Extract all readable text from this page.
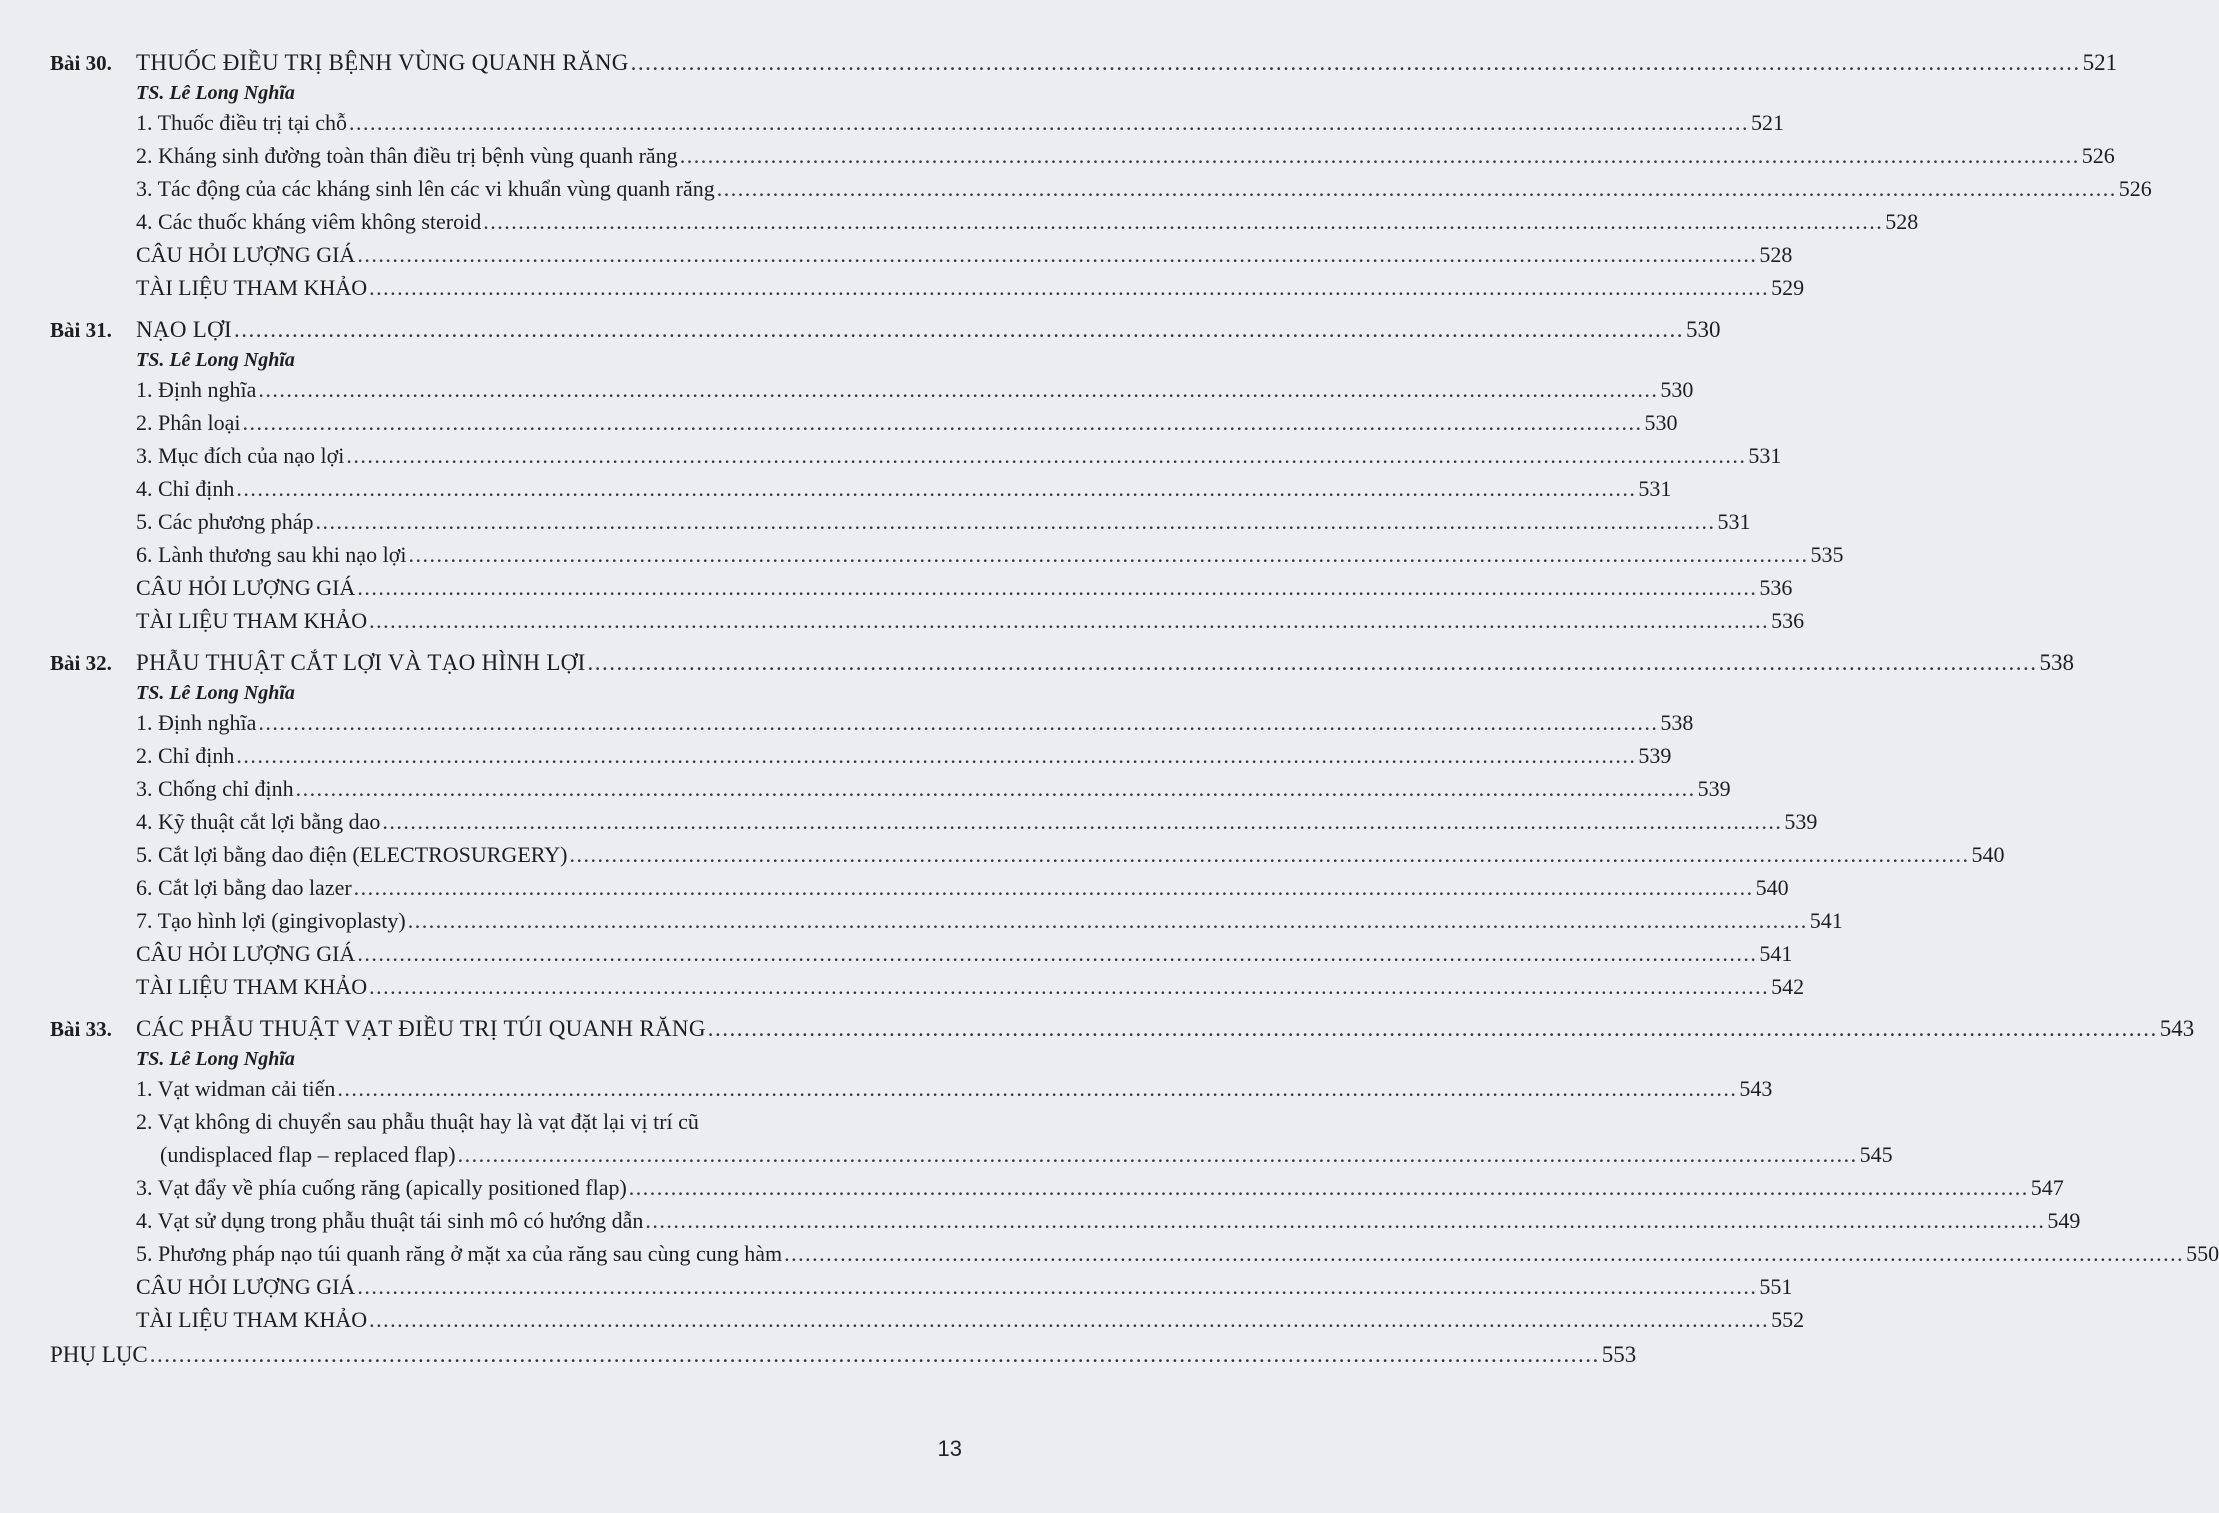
Bài 30.	THUỐC ĐIỀU TRỊ BỆNH VÙNG QUANH RĂNG ........................................................................................................................................................................................................ 521
TS. Lê Long Nghĩa
1. Thuốc điều trị tại chỗ ........................................................................................................................................................................................................ 521
2. Kháng sinh đường toàn thân điều trị bệnh vùng quanh răng ........................................................................................................................................................................................................ 526
3. Tác động của các kháng sinh lên các vi khuẩn vùng quanh răng ........................................................................................................................................................................................................ 526
4. Các thuốc kháng viêm không steroid ........................................................................................................................................................................................................ 528
CÂU HỎI LƯỢNG GIÁ ........................................................................................................................................................................................................ 528
TÀI LIỆU THAM KHẢO ........................................................................................................................................................................................................ 529
Bài 31.	NẠO LỢI ........................................................................................................................................................................................................ 530
TS. Lê Long Nghĩa
1. Định nghĩa ........................................................................................................................................................................................................ 530
2. Phân loại ........................................................................................................................................................................................................ 530
3. Mục đích của nạo lợi ........................................................................................................................................................................................................ 531
4. Chỉ định ........................................................................................................................................................................................................ 531
5. Các phương pháp ........................................................................................................................................................................................................ 531
6. Lành thương sau khi nạo lợi ........................................................................................................................................................................................................ 535
CÂU HỎI LƯỢNG GIÁ ........................................................................................................................................................................................................ 536
TÀI LIỆU THAM KHẢO ........................................................................................................................................................................................................ 536
Bài 32.	PHẪU THUẬT CẮT LỢI VÀ TẠO HÌNH LỢI ........................................................................................................................................................................................................ 538
TS. Lê Long Nghĩa
1. Định nghĩa ........................................................................................................................................................................................................ 538
2. Chỉ định ........................................................................................................................................................................................................ 539
3. Chống chỉ định ........................................................................................................................................................................................................ 539
4. Kỹ thuật cắt lợi bằng dao ........................................................................................................................................................................................................ 539
5. Cắt lợi bằng dao điện (ELECTROSURGERY) ........................................................................................................................................................................................................ 540
6. Cắt lợi bằng dao lazer ........................................................................................................................................................................................................ 540
7. Tạo hình lợi (gingivoplasty) ........................................................................................................................................................................................................ 541
CÂU HỎI LƯỢNG GIÁ ........................................................................................................................................................................................................ 541
TÀI LIỆU THAM KHẢO ........................................................................................................................................................................................................ 542
Bài 33.	CÁC PHẪU THUẬT VẠT ĐIỀU TRỊ TÚI QUANH RĂNG ........................................................................................................................................................................................................ 543
TS. Lê Long Nghĩa
1. Vạt widman cải tiến ........................................................................................................................................................................................................ 543
2. Vạt không di chuyển sau phẫu thuật hay là vạt đặt lại vị trí cũ
(undisplaced flap – replaced flap) ........................................................................................................................................................................................................ 545
3. Vạt đẩy về phía cuống răng (apically positioned flap) ........................................................................................................................................................................................................ 547
4. Vạt sử dụng trong phẫu thuật tái sinh mô có hướng dẫn ........................................................................................................................................................................................................ 549
5. Phương pháp nạo túi quanh răng ở mặt xa của răng sau cùng cung hàm ........................................................................................................................................................................................................ 550
CÂU HỎI LƯỢNG GIÁ ........................................................................................................................................................................................................ 551
TÀI LIỆU THAM KHẢO ........................................................................................................................................................................................................ 552
PHỤ LỤC ........................................................................................................................................................................................................ 553
13
